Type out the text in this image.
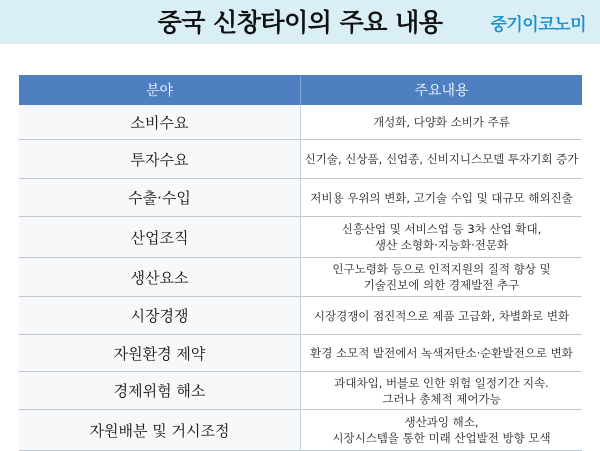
중국 신창타이의 주요 내용	중기이코노미
분야	주요내용
소비수요	개성화, 다양화 소비가 주류

투자수요	신기술, 신상품, 신업종, 신비지니스모델 투자기회 증가

수출·수입	저비용 우위의 변화, 고기술 수입 및 대규모 해외진출

산업조직	신흥산업 및 서비스업 등 3차 산업 확대,
생산 소형화·지능화·전문화

생산요소	인구노령화 등으로 인적지원의 질적 향상 및
기술진보에 의한 경제발전 추구

시장경쟁	시장경쟁이 점진적으로 제품 고급화, 차별화로 변화

자원환경 제약	환경 소모적 발전에서 녹색저탄소·순환발전으로 변화

경제위험 해소	과대차입, 버블로 인한 위험 일정기간 지속.
그러나 총체적 제어가능

자원배분 및 거시조정	생산과잉 해소,
시장시스템을 통한 미래 산업발전 방향 모색
